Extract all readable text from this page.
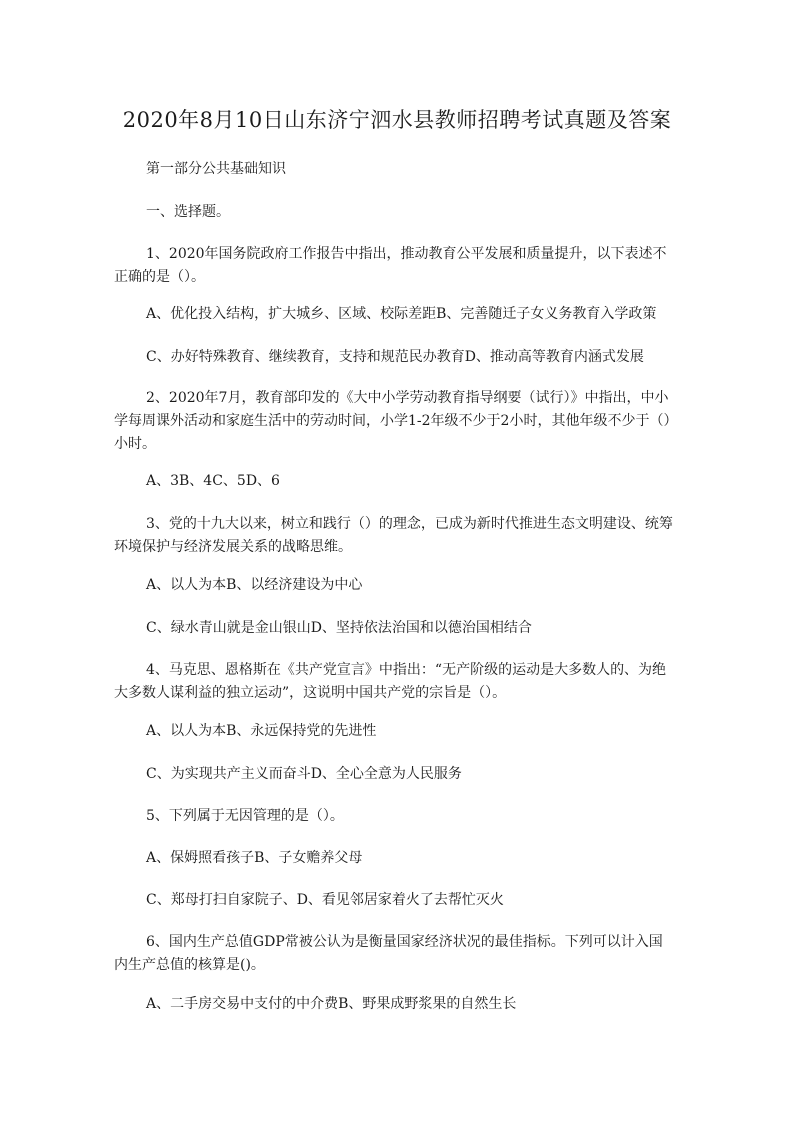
2020年8月10日山东济宁泗水县教师招聘考试真题及答案
第一部分公共基础知识
一、选择题。
1、2020年国务院政府工作报告中指出，推动教育公平发展和质量提升，以下表述不正确的是（）。
A、优化投入结构，扩大城乡、区域、校际差距B、完善随迁子女义务教育入学政策
C、办好特殊教育、继续教育，支持和规范民办教育D、推动高等教育内涵式发展
2、2020年7月，教育部印发的《大中小学劳动教育指导纲要（试行）》中指出，中小学每周课外活动和家庭生活中的劳动时间，小学1-2年级不少于2小时，其他年级不少于（）小时。
A、3B、4C、5D、6
3、党的十九大以来，树立和践行（）的理念，已成为新时代推进生态文明建设、统筹环境保护与经济发展关系的战略思维。
A、以人为本B、以经济建设为中心
C、绿水青山就是金山银山D、坚持依法治国和以德治国相结合
4、马克思、恩格斯在《共产党宣言》中指出：“无产阶级的运动是大多数人的、为绝大多数人谋利益的独立运动”，这说明中国共产党的宗旨是（）。
A、以人为本B、永远保持党的先进性
C、为实现共产主义而奋斗D、全心全意为人民服务
5、下列属于无因管理的是（）。
A、保姆照看孩子B、子女赡养父母
C、郑母打扫自家院子、D、看见邻居家着火了去帮忙灭火
6、国内生产总值GDP常被公认为是衡量国家经济状况的最佳指标。下列可以计入国内生产总值的核算是()。
A、二手房交易中支付的中介费B、野果成野浆果的自然生长
